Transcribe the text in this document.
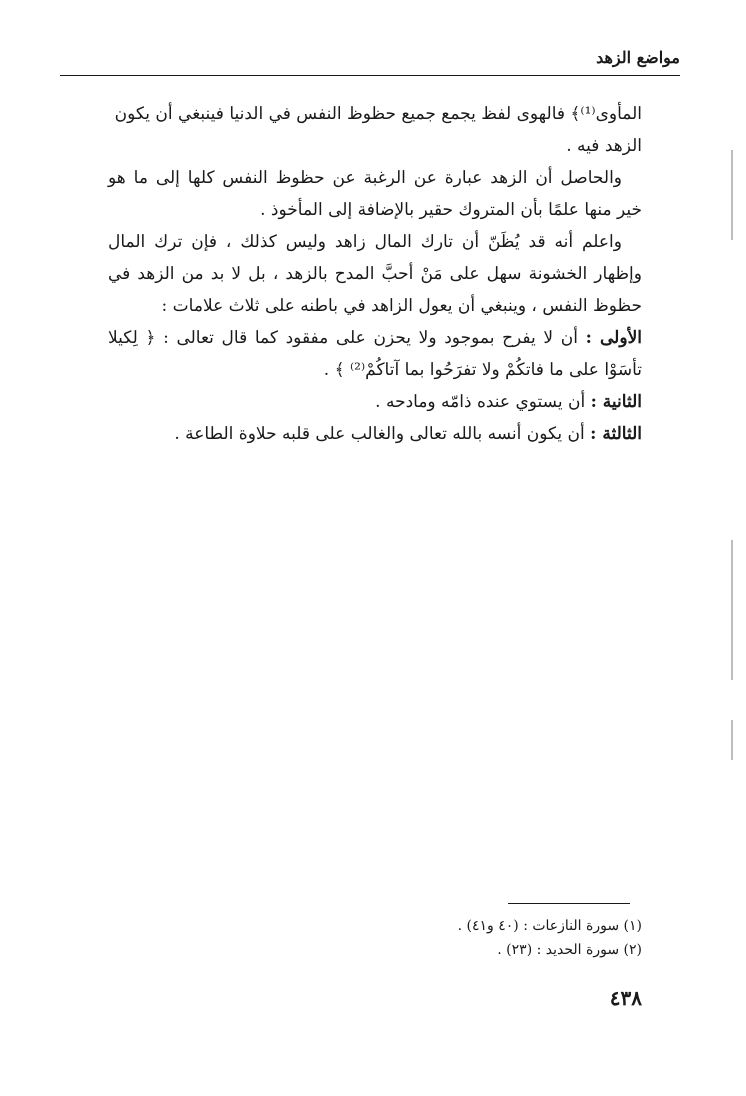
مواضع الزهد

المأوى⁽¹⁾﴾ فالهوى لفظ يجمع جميع حظوظ النفس في الدنيا فينبغي أن يكون

الزهد فيه .

والحاصل أن الزهد عبارة عن الرغبة عن حظوظ النفس كلها إلى ما هو خير منها علمًا بأن المتروك حقير بالإضافة إلى المأخوذ .

واعلم أنه قد يُظَنّ أن تارك المال زاهد وليس كذلك ، فإن ترك المال وإظهار الخشونة سهل على مَنْ أحبَّ المدح بالزهد ، بل لا بد من الزهد في حظوظ النفس ، وينبغي أن يعول الزاهد في باطنه على ثلاث علامات :

الأولى : أن لا يفرح بموجود ولا يحزن على مفقود كما قال تعالى : ﴿ لِكيلا تأسَوْا على ما فاتكُمْ ولا تفرَحُوا بما آتاكُمْ⁽²⁾ ﴾ .

الثانية : أن يستوي عنده ذامّه ومادحه .

الثالثة : أن يكون أنسه بالله تعالى والغالب على قلبه حلاوة الطاعة .

(١) سورة النازعات : (٤٠ و٤١) .
(٢) سورة الحديد : (٢٣) .
٤٣٨
